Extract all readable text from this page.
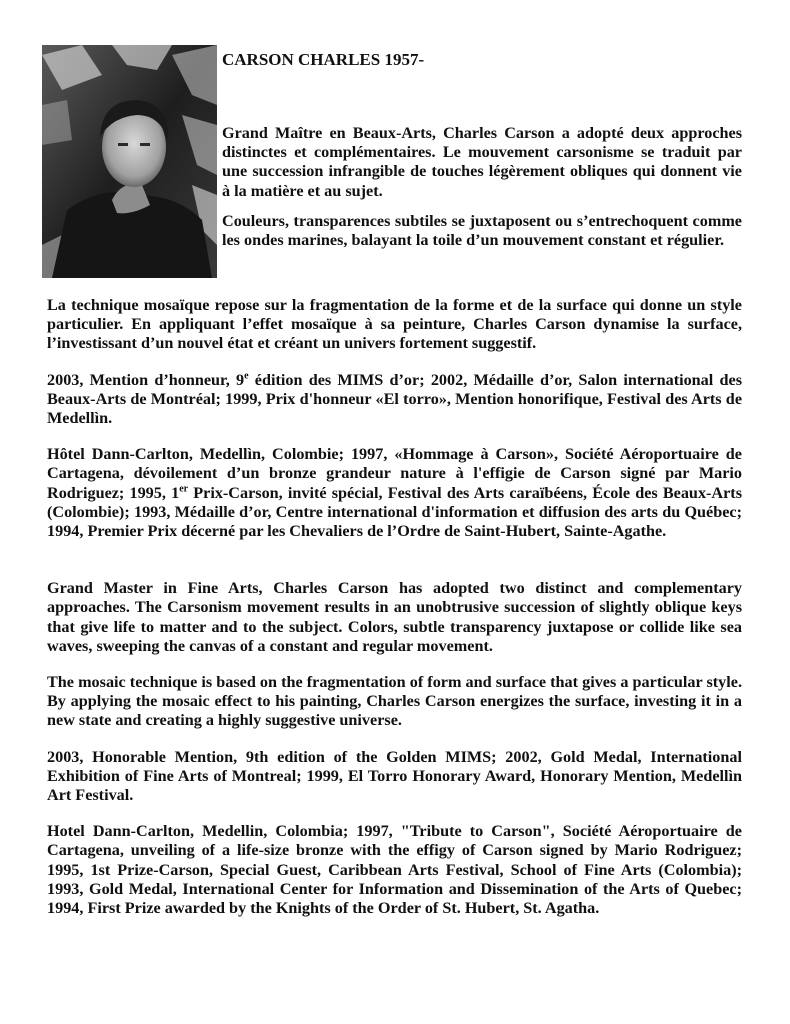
CARSON CHARLES 1957-

Grand Maître en Beaux-Arts, Charles Carson a adopté deux approches distinctes et complémentaires. Le mouvement carsonisme se traduit par une succession infrangible de touches légèrement obliques qui donnent vie à la matière et au sujet.

Couleurs, transparences subtiles se juxtaposent ou s’entrechoquent comme les ondes marines, balayant la toile d’un mouvement constant et régulier.

La technique mosaïque repose sur la fragmentation de la forme et de la surface qui donne un style particulier. En appliquant l’effet mosaïque à sa peinture, Charles Carson dynamise la surface, l’investissant d’un nouvel état et créant un univers fortement suggestif.

2003, Mention d’honneur, 9e édition des MIMS d’or; 2002, Médaille d’or, Salon international des Beaux-Arts de Montréal; 1999, Prix d'honneur «El torro», Mention honorifique, Festival des Arts de Medellìn.

Hôtel Dann-Carlton, Medellìn, Colombie; 1997, «Hommage à Carson», Société Aéroportuaire de Cartagena, dévoilement d’un bronze grandeur nature à l'effigie de Carson signé par Mario Rodriguez; 1995, 1er Prix-Carson, invité spécial, Festival des Arts caraïbéens, École des Beaux-Arts (Colombie); 1993, Médaille d’or, Centre international d'information et diffusion des arts du Québec; 1994, Premier Prix décerné par les Chevaliers de l’Ordre de Saint-Hubert, Sainte-Agathe.

Grand Master in Fine Arts, Charles Carson has adopted two distinct and complementary approaches. The Carsonism movement results in an unobtrusive succession of slightly oblique keys that give life to matter and to the subject. Colors, subtle transparency juxtapose or collide like sea waves, sweeping the canvas of a constant and regular movement.

The mosaic technique is based on the fragmentation of form and surface that gives a particular style. By applying the mosaic effect to his painting, Charles Carson energizes the surface, investing it in a new state and creating a highly suggestive universe.

2003, Honorable Mention, 9th edition of the Golden MIMS; 2002, Gold Medal, International Exhibition of Fine Arts of Montreal; 1999, El Torro Honorary Award, Honorary Mention, Medellìn Art Festival.

Hotel Dann-Carlton, Medellin, Colombia; 1997, "Tribute to Carson", Société Aéroportuaire de Cartagena, unveiling of a life-size bronze with the effigy of Carson signed by Mario Rodriguez; 1995, 1st Prize-Carson, Special Guest, Caribbean Arts Festival, School of Fine Arts (Colombia); 1993, Gold Medal, International Center for Information and Dissemination of the Arts of Quebec; 1994, First Prize awarded by the Knights of the Order of St. Hubert, St. Agatha.
